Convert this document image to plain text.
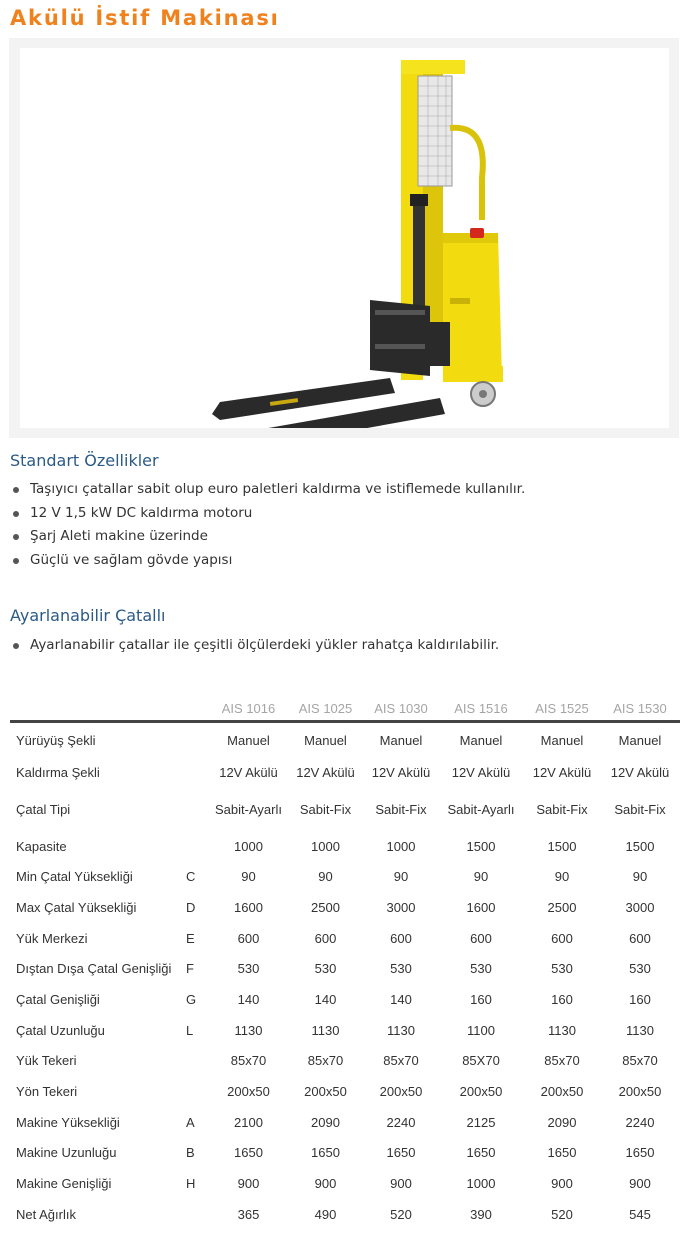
Akülü İstif Makinası
Standart Özellikler
Taşıyıcı çatallar sabit olup euro paletleri kaldırma ve istiflemede kullanılır.
12 V 1,5 kW DC kaldırma motoru
Şarj Aleti makine üzerinde
Güçlü ve sağlam gövde yapısı
Ayarlanabilir Çatallı
Ayarlanabilir çatallar ile çeşitli ölçülerdeki yükler rahatça kaldırılabilir.
		AIS 1016	AIS 1025	AIS 1030	AIS 1516	AIS 1525	AIS 1530
Yürüyüş Şekli		Manuel	Manuel	Manuel	Manuel	Manuel	Manuel
Kaldırma Şekli		12V Akülü	12V Akülü	12V Akülü	12V Akülü	12V Akülü	12V Akülü
Çatal Tipi		Sabit-Ayarlı	Sabit-Fix	Sabit-Fix	Sabit-Ayarlı	Sabit-Fix	Sabit-Fix
Kapasite		1000	1000	1000	1500	1500	1500
Min Çatal Yüksekliği	C	90	90	90	90	90	90
Max Çatal Yüksekliği	D	1600	2500	3000	1600	2500	3000
Yük Merkezi	E	600	600	600	600	600	600
Dıştan Dışa Çatal Genişliği	F	530	530	530	530	530	530
Çatal Genişliği	G	140	140	140	160	160	160
Çatal Uzunluğu	L	1130	1130	1130	1100	1130	1130
Yük Tekeri		85x70	85x70	85x70	85X70	85x70	85x70
Yön Tekeri		200x50	200x50	200x50	200x50	200x50	200x50
Makine Yüksekliği	A	2100	2090	2240	2125	2090	2240
Makine Uzunluğu	B	1650	1650	1650	1650	1650	1650
Makine Genişliği	H	900	900	900	1000	900	900
Net Ağırlık		365	490	520	390	520	545
